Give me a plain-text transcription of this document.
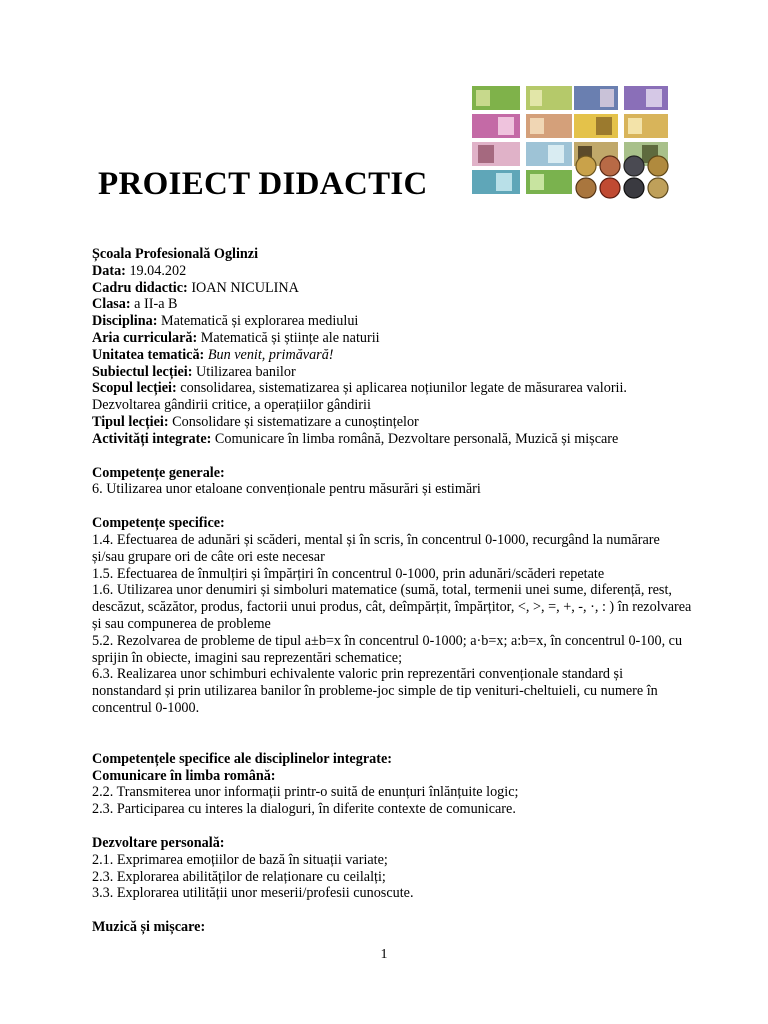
PROIECT DIDACTIC

Școala Profesională Oglinzi

Data: 19.04.202

Cadru didactic: IOAN NICULINA

Clasa: a II-a B

Disciplina: Matematică și explorarea mediului

Aria curriculară: Matematică și științe ale naturii

Unitatea tematică: Bun venit, primăvară!

Subiectul lecției: Utilizarea banilor

Scopul lecției: consolidarea, sistematizarea și aplicarea noțiunilor legate de măsurarea valorii. Dezvoltarea gândirii critice, a operațiilor gândirii

Tipul lecției: Consolidare și sistematizare a cunoștințelor

Activități integrate: Comunicare în limba română, Dezvoltare personală, Muzică și mișcare

Competențe generale:

6. Utilizarea unor etaloane convenționale pentru măsurări și estimări

Competențe specifice:

1.4. Efectuarea de adunări și scăderi, mental și în scris, în concentrul 0-1000, recurgând la numărare și/sau grupare ori de câte ori este necesar

1.5. Efectuarea de înmulțiri și împărțiri în concentrul 0-1000, prin adunări/scăderi repetate

1.6. Utilizarea unor denumiri și simboluri matematice (sumă, total, termenii unei sume, diferență, rest, descăzut, scăzător, produs, factorii unui produs, cât, deîmpărțit, împărțitor, <, >, =, +, -, ·, : ) în rezolvarea și sau compunerea de probleme

5.2. Rezolvarea de probleme de tipul a±b=x în concentrul 0-1000; a·b=x; a:b=x, în concentrul 0-100, cu sprijin în obiecte, imagini sau reprezentări schematice;

6.3. Realizarea unor schimburi echivalente valoric prin reprezentări convenționale standard și nonstandard și prin utilizarea banilor în probleme-joc simple de tip venituri-cheltuieli, cu numere în concentrul 0-1000.

Competențele specifice ale disciplinelor integrate:

Comunicare în limba română:

2.2. Transmiterea unor informații printr-o suită de enunțuri înlănțuite logic;

2.3. Participarea cu interes la dialoguri, în diferite contexte de comunicare.

Dezvoltare personală:

2.1. Exprimarea emoțiilor de bază în situații variate;

2.3. Explorarea abilităților de relaționare cu ceilalți;

3.3. Explorarea utilității unor meserii/profesii cunoscute.

Muzică și mișcare:

1
